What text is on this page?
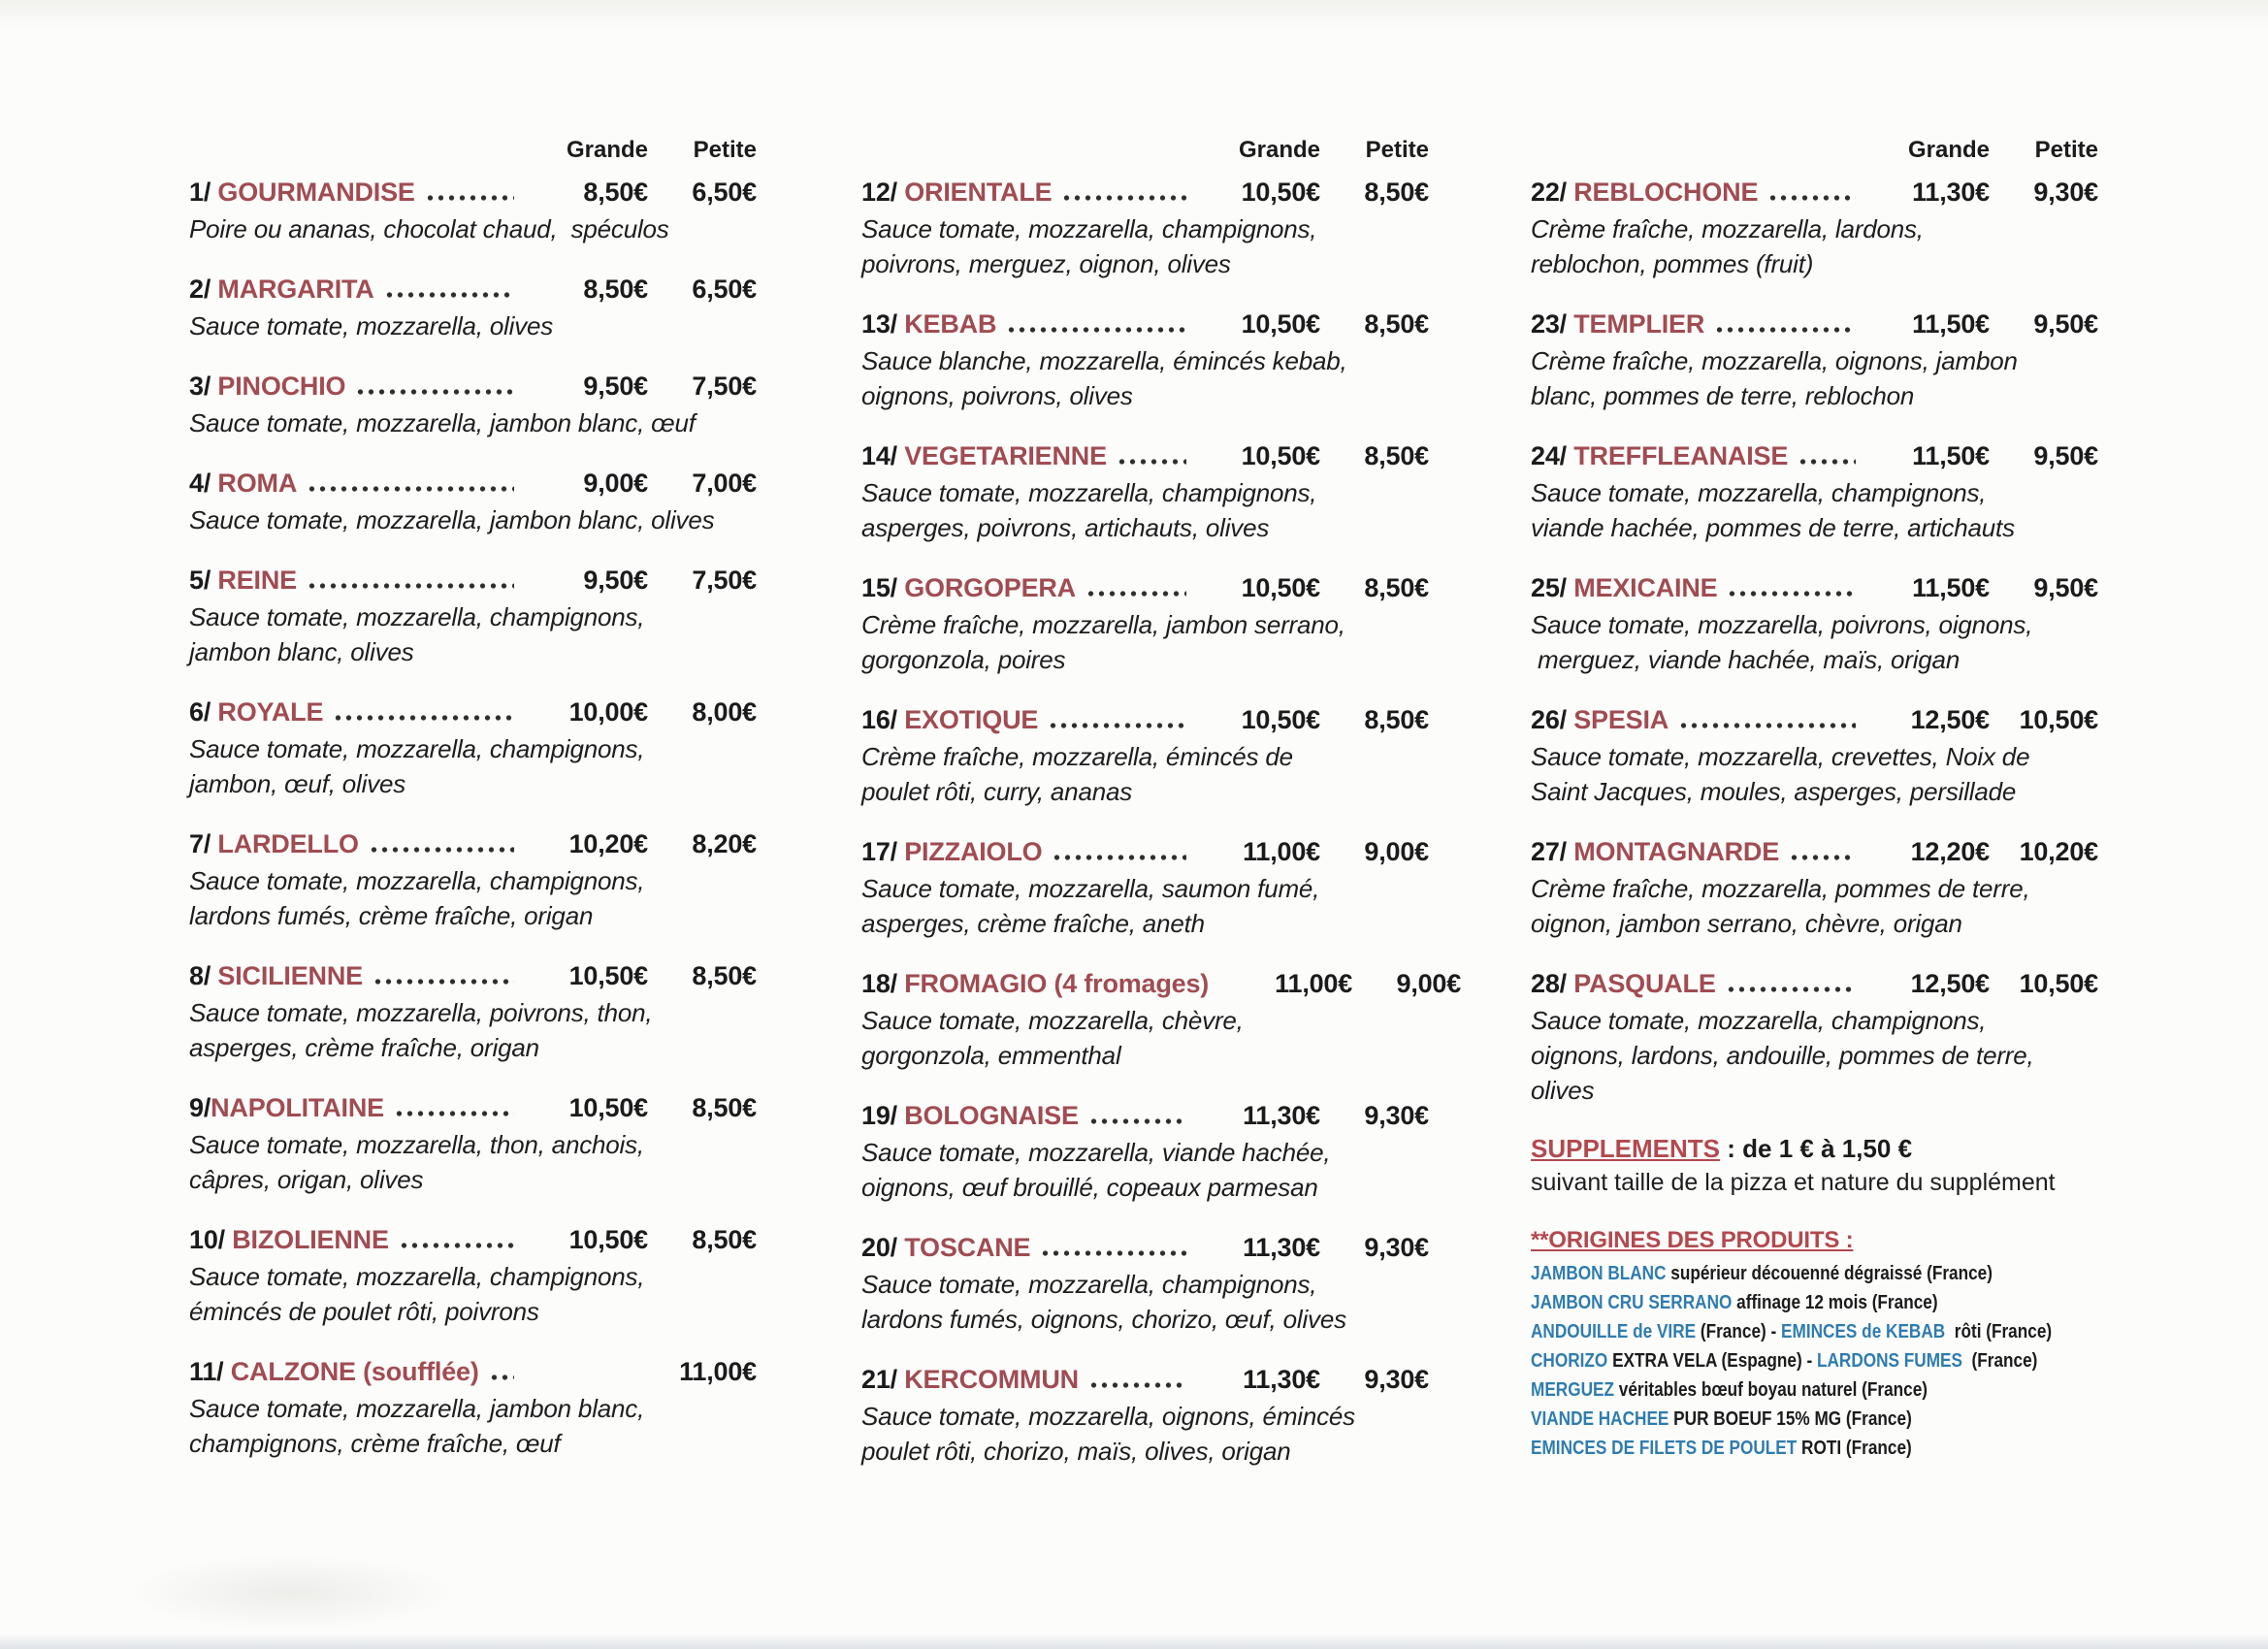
Grande	Petite
1/ GOURMANDISE	8,50€	6,50€
Poire ou ananas, chocolat chaud,  spéculos
2/ MARGARITA	8,50€	6,50€
Sauce tomate, mozzarella, olives
3/ PINOCHIO	9,50€	7,50€
Sauce tomate, mozzarella, jambon blanc, œuf
4/ ROMA	9,00€	7,00€
Sauce tomate, mozzarella, jambon blanc, olives
5/ REINE	9,50€	7,50€
Sauce tomate, mozzarella, champignons,
jambon blanc, olives
6/ ROYALE	10,00€	8,00€
Sauce tomate, mozzarella, champignons,
jambon, œuf, olives
7/ LARDELLO	10,20€	8,20€
Sauce tomate, mozzarella, champignons,
lardons fumés, crème fraîche, origan
8/ SICILIENNE	10,50€	8,50€
Sauce tomate, mozzarella, poivrons, thon,
asperges, crème fraîche, origan
9/ NAPOLITAINE	10,50€	8,50€
Sauce tomate, mozzarella, thon, anchois,
câpres, origan, olives
10/ BIZOLIENNE	10,50€	8,50€
Sauce tomate, mozzarella, champignons,
émincés de poulet rôti, poivrons
11/ CALZONE (soufflée)	11,00€
Sauce tomate, mozzarella, jambon blanc,
champignons, crème fraîche, œuf
Grande	Petite
12/ ORIENTALE	10,50€	8,50€
Sauce tomate, mozzarella, champignons,
poivrons, merguez, oignon, olives
13/ KEBAB	10,50€	8,50€
Sauce blanche, mozzarella, émincés kebab,
oignons, poivrons, olives
14/ VEGETARIENNE	10,50€	8,50€
Sauce tomate, mozzarella, champignons,
asperges, poivrons, artichauts, olives
15/ GORGOPERA	10,50€	8,50€
Crème fraîche, mozzarella, jambon serrano,
gorgonzola, poires
16/ EXOTIQUE	10,50€	8,50€
Crème fraîche, mozzarella, émincés de
poulet rôti, curry, ananas
17/ PIZZAIOLO	11,00€	9,00€
Sauce tomate, mozzarella, saumon fumé,
asperges, crème fraîche, aneth
18/ FROMAGIO (4 fromages)	11,00€	9,00€
Sauce tomate, mozzarella, chèvre,
gorgonzola, emmenthal
19/ BOLOGNAISE	11,30€	9,30€
Sauce tomate, mozzarella, viande hachée,
oignons, œuf brouillé, copeaux parmesan
20/ TOSCANE	11,30€	9,30€
Sauce tomate, mozzarella, champignons,
lardons fumés, oignons, chorizo, œuf, olives
21/ KERCOMMUN	11,30€	9,30€
Sauce tomate, mozzarella, oignons, émincés
poulet rôti, chorizo, maïs, olives, origan
Grande	Petite
22/ REBLOCHONE	11,30€	9,30€
Crème fraîche, mozzarella, lardons,
reblochon, pommes (fruit)
23/ TEMPLIER	11,50€	9,50€
Crème fraîche, mozzarella, oignons, jambon
blanc, pommes de terre, reblochon
24/ TREFFLEANAISE	11,50€	9,50€
Sauce tomate, mozzarella, champignons,
viande hachée, pommes de terre, artichauts
25/ MEXICAINE	11,50€	9,50€
Sauce tomate, mozzarella, poivrons, oignons,
merguez, viande hachée, maïs, origan
26/ SPESIA	12,50€	10,50€
Sauce tomate, mozzarella, crevettes, Noix de
Saint Jacques, moules, asperges, persillade
27/ MONTAGNARDE	12,20€	10,20€
Crème fraîche, mozzarella, pommes de terre,
oignon, jambon serrano, chèvre, origan
28/ PASQUALE	12,50€	10,50€
Sauce tomate, mozzarella, champignons,
oignons, lardons, andouille, pommes de terre,
olives
SUPPLEMENTS : de 1 € à 1,50 €
suivant taille de la pizza et nature du supplément
**ORIGINES DES PRODUITS :
JAMBON BLANC supérieur découenné dégraissé (France)
JAMBON CRU SERRANO affinage 12 mois (France)
ANDOUILLE de VIRE (France) - EMINCES de KEBAB  rôti (France)
CHORIZO EXTRA VELA (Espagne) - LARDONS FUMES  (France)
MERGUEZ véritables bœuf boyau naturel (France)
VIANDE HACHEE PUR BOEUF 15% MG (France)
EMINCES DE FILETS DE POULET ROTI (France)
